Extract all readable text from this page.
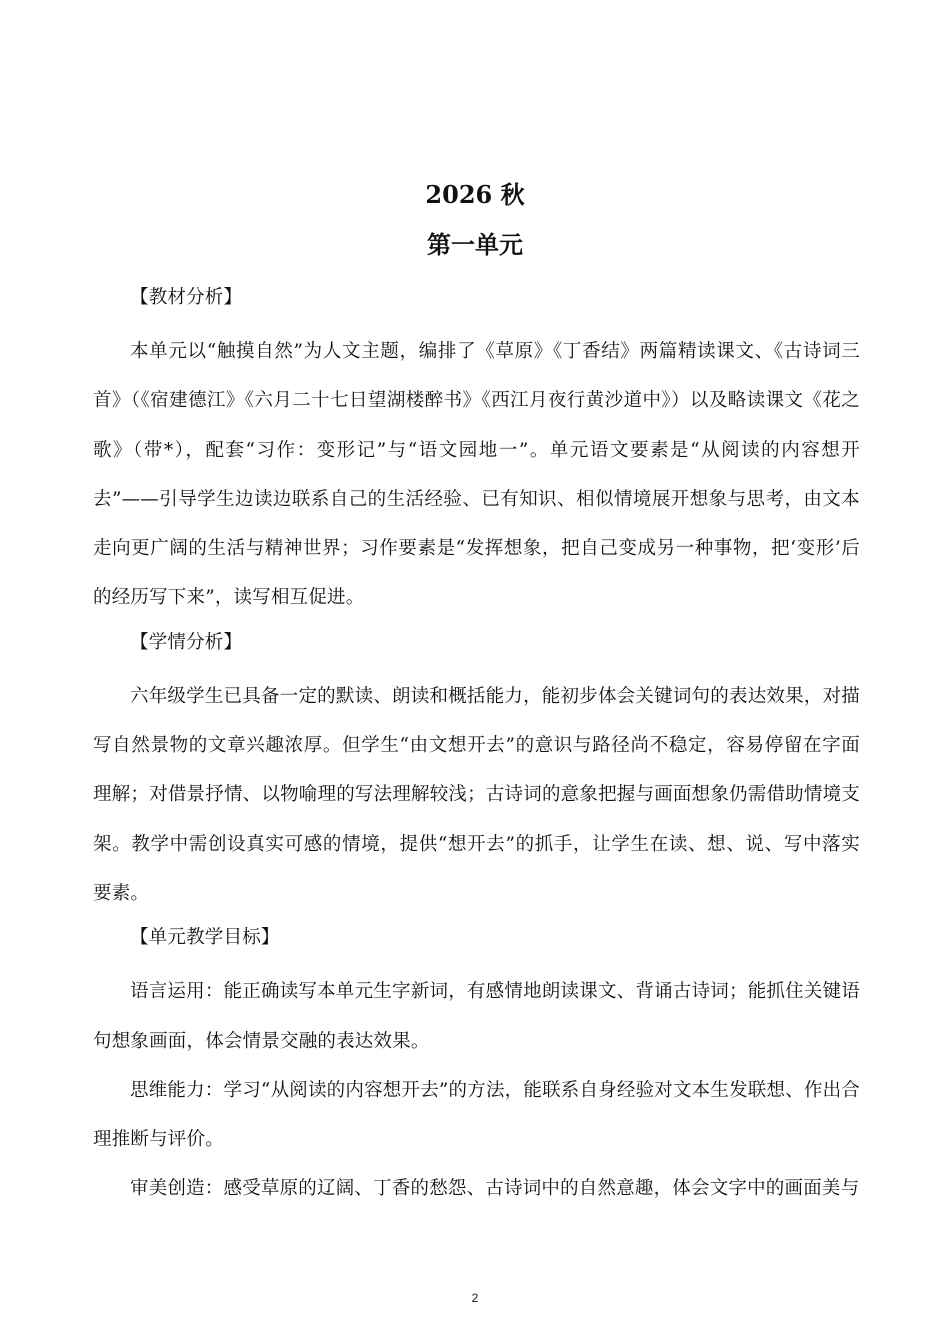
2026 秋
第一单元

【教材分析】

本单元以“触摸自然”为人文主题，编排了《草原》《丁香结》两篇精读课文、《古诗词三首》（《宿建德江》《六月二十七日望湖楼醉书》《西江月夜行黄沙道中》）以及略读课文《花之歌》（带*），配套“习作：变形记”与“语文园地一”。单元语文要素是“从阅读的内容想开去”——引导学生边读边联系自己的生活经验、已有知识、相似情境展开想象与思考，由文本走向更广阔的生活与精神世界；习作要素是“发挥想象，把自己变成另一种事物，把‘变形’后的经历写下来”，读写相互促进。

【学情分析】

六年级学生已具备一定的默读、朗读和概括能力，能初步体会关键词句的表达效果，对描写自然景物的文章兴趣浓厚。但学生“由文想开去”的意识与路径尚不稳定，容易停留在字面理解；对借景抒情、以物喻理的写法理解较浅；古诗词的意象把握与画面想象仍需借助情境支架。教学中需创设真实可感的情境，提供“想开去”的抓手，让学生在读、想、说、写中落实要素。

【单元教学目标】

语言运用：能正确读写本单元生字新词，有感情地朗读课文、背诵古诗词；能抓住关键语句想象画面，体会情景交融的表达效果。

思维能力：学习“从阅读的内容想开去”的方法，能联系自身经验对文本生发联想、作出合理推断与评价。

审美创造：感受草原的辽阔、丁香的愁怨、古诗词中的自然意趣，体会文字中的画面美与

2
